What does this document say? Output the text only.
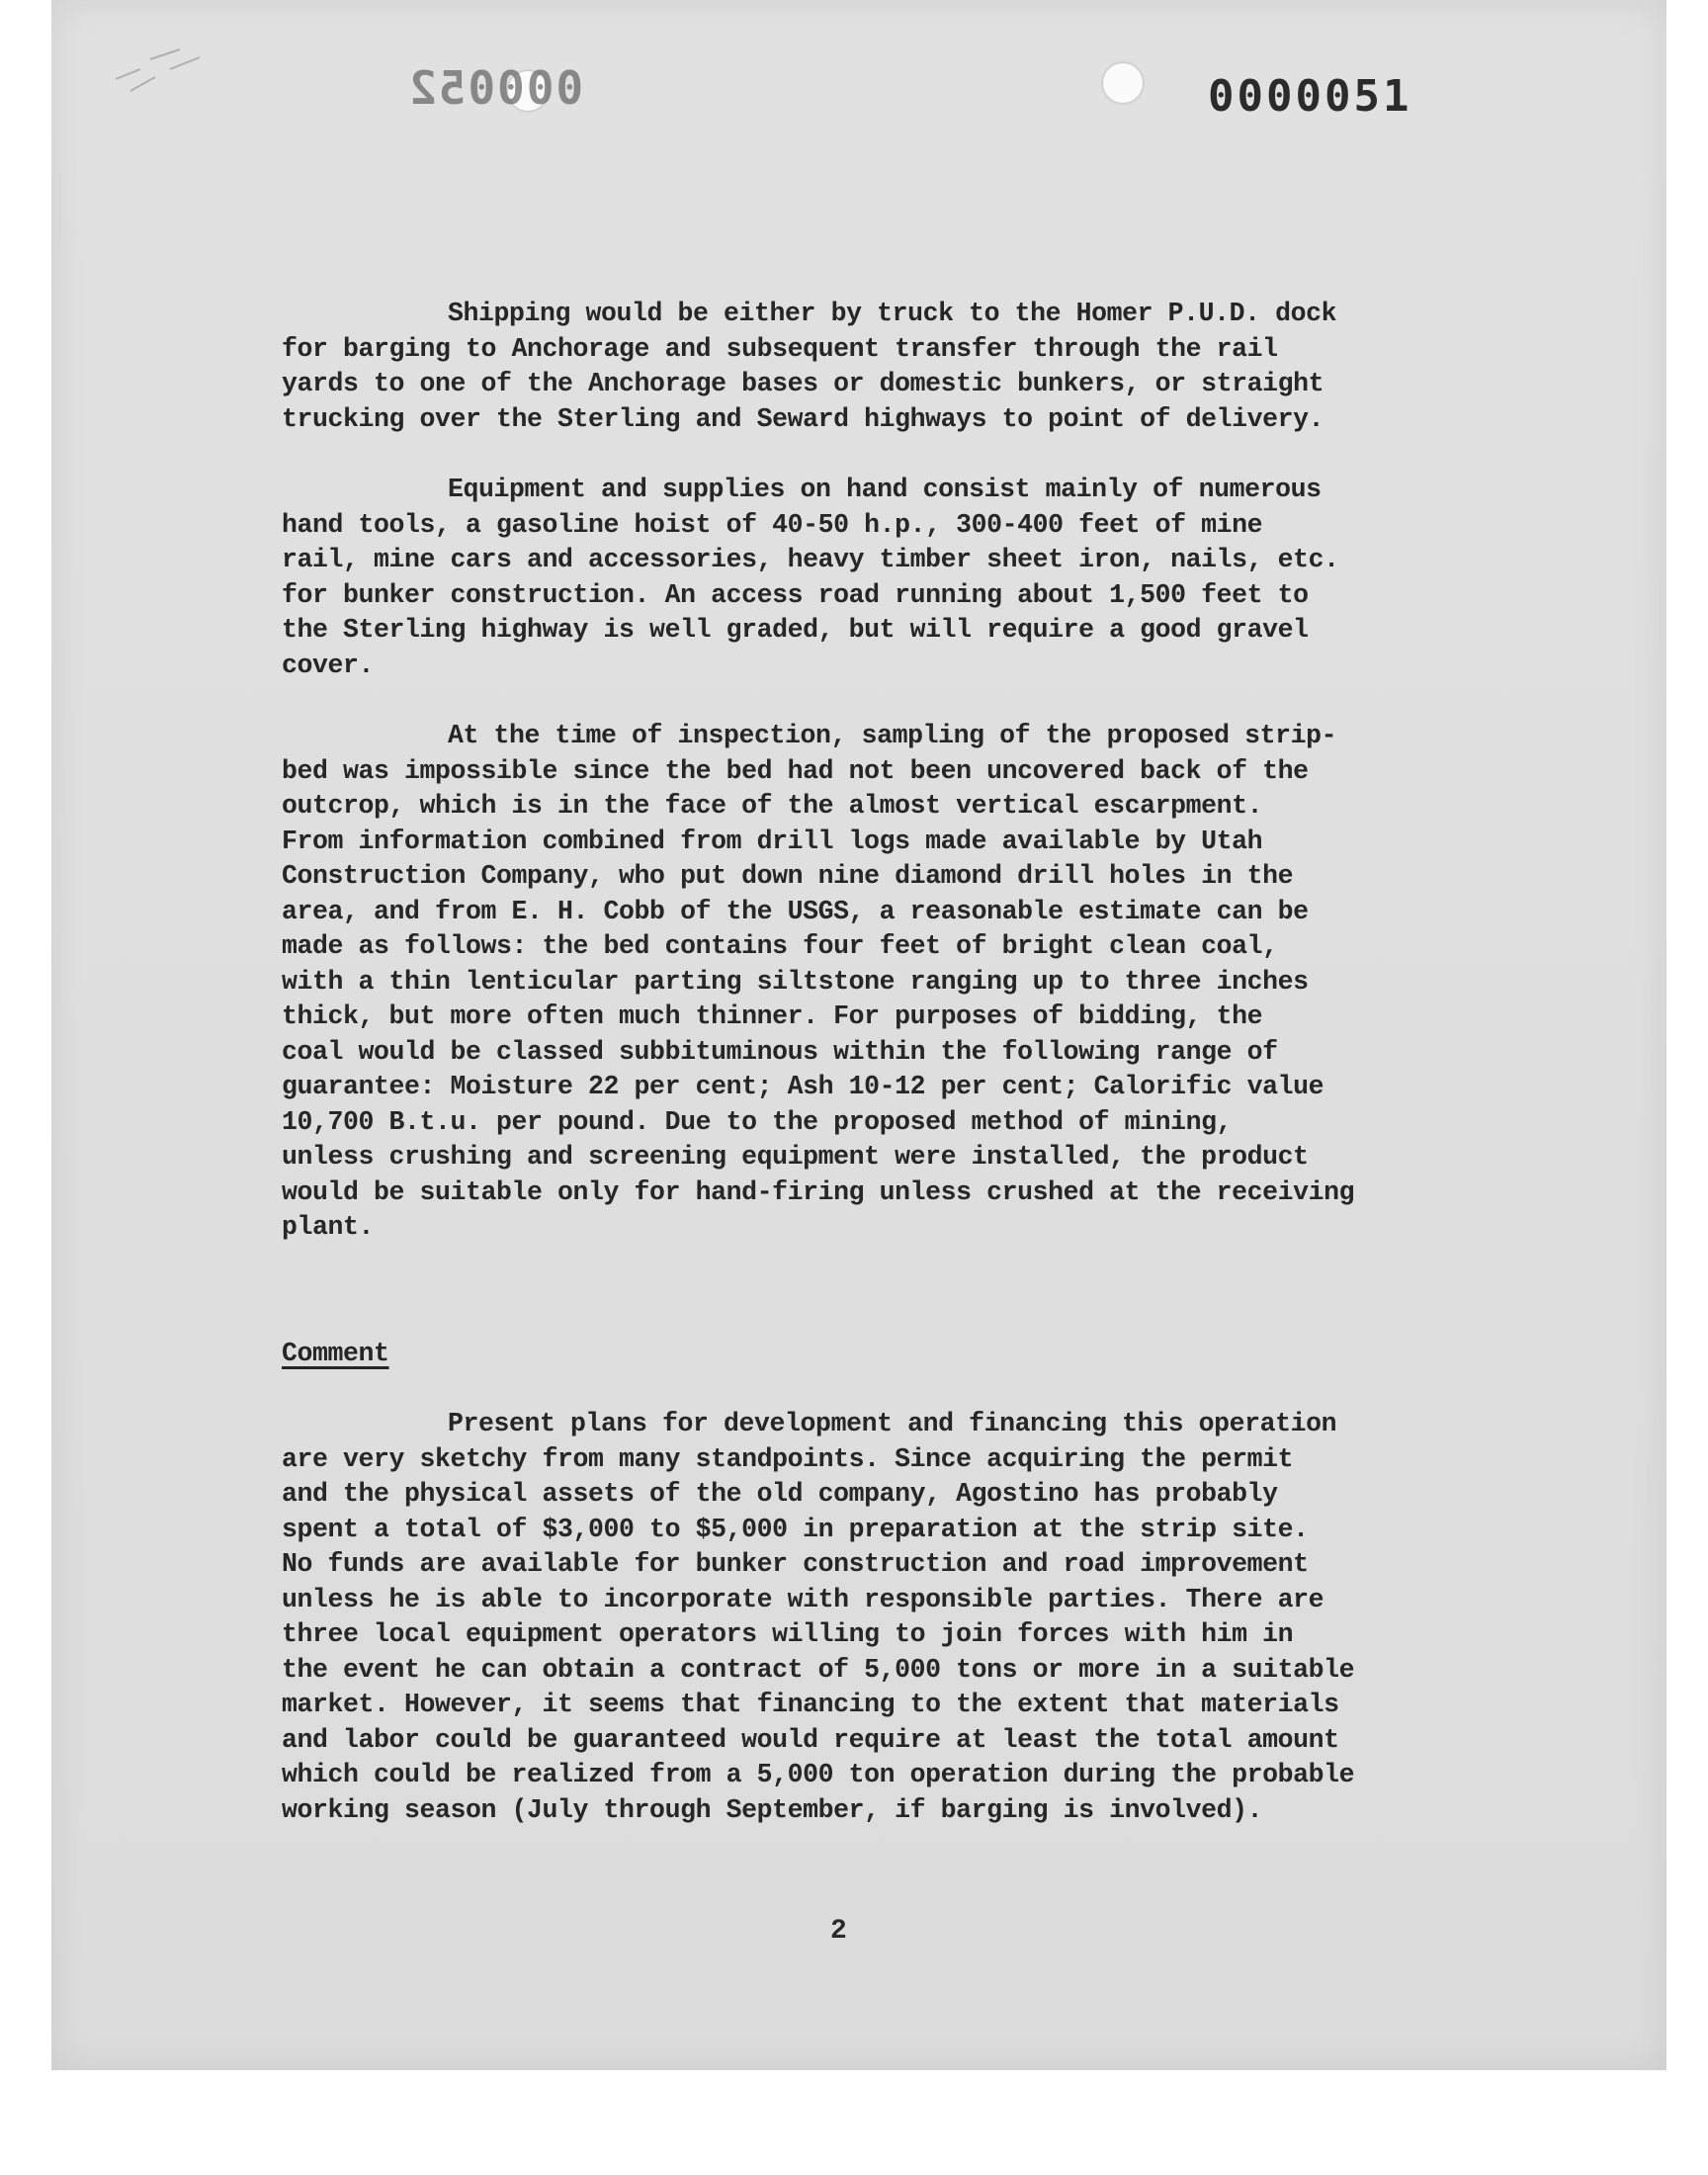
000052	0000051

Shipping would be either by truck to the Homer P.U.D. dock
for barging to Anchorage and subsequent transfer through the rail
yards to one of the Anchorage bases or domestic bunkers, or straight
trucking over the Sterling and Seward highways to point of delivery.

Equipment and supplies on hand consist mainly of numerous
hand tools, a gasoline hoist of 40-50 h.p., 300-400 feet of mine
rail, mine cars and accessories, heavy timber sheet iron, nails, etc.
for bunker construction. An access road running about 1,500 feet to
the Sterling highway is well graded, but will require a good gravel
cover.

At the time of inspection, sampling of the proposed strip-
bed was impossible since the bed had not been uncovered back of the
outcrop, which is in the face of the almost vertical escarpment.
From information combined from drill logs made available by Utah
Construction Company, who put down nine diamond drill holes in the
area, and from E. H. Cobb of the USGS, a reasonable estimate can be
made as follows: the bed contains four feet of bright clean coal,
with a thin lenticular parting siltstone ranging up to three inches
thick, but more often much thinner. For purposes of bidding, the
coal would be classed subbituminous within the following range of
guarantee: Moisture 22 per cent; Ash 10-12 per cent; Calorific value
10,700 B.t.u. per pound. Due to the proposed method of mining,
unless crushing and screening equipment were installed, the product
would be suitable only for hand-firing unless crushed at the receiving
plant.

Comment

Present plans for development and financing this operation
are very sketchy from many standpoints. Since acquiring the permit
and the physical assets of the old company, Agostino has probably
spent a total of $3,000 to $5,000 in preparation at the strip site.
No funds are available for bunker construction and road improvement
unless he is able to incorporate with responsible parties. There are
three local equipment operators willing to join forces with him in
the event he can obtain a contract of 5,000 tons or more in a suitable
market. However, it seems that financing to the extent that materials
and labor could be guaranteed would require at least the total amount
which could be realized from a 5,000 ton operation during the probable
working season (July through September, if barging is involved).

2
